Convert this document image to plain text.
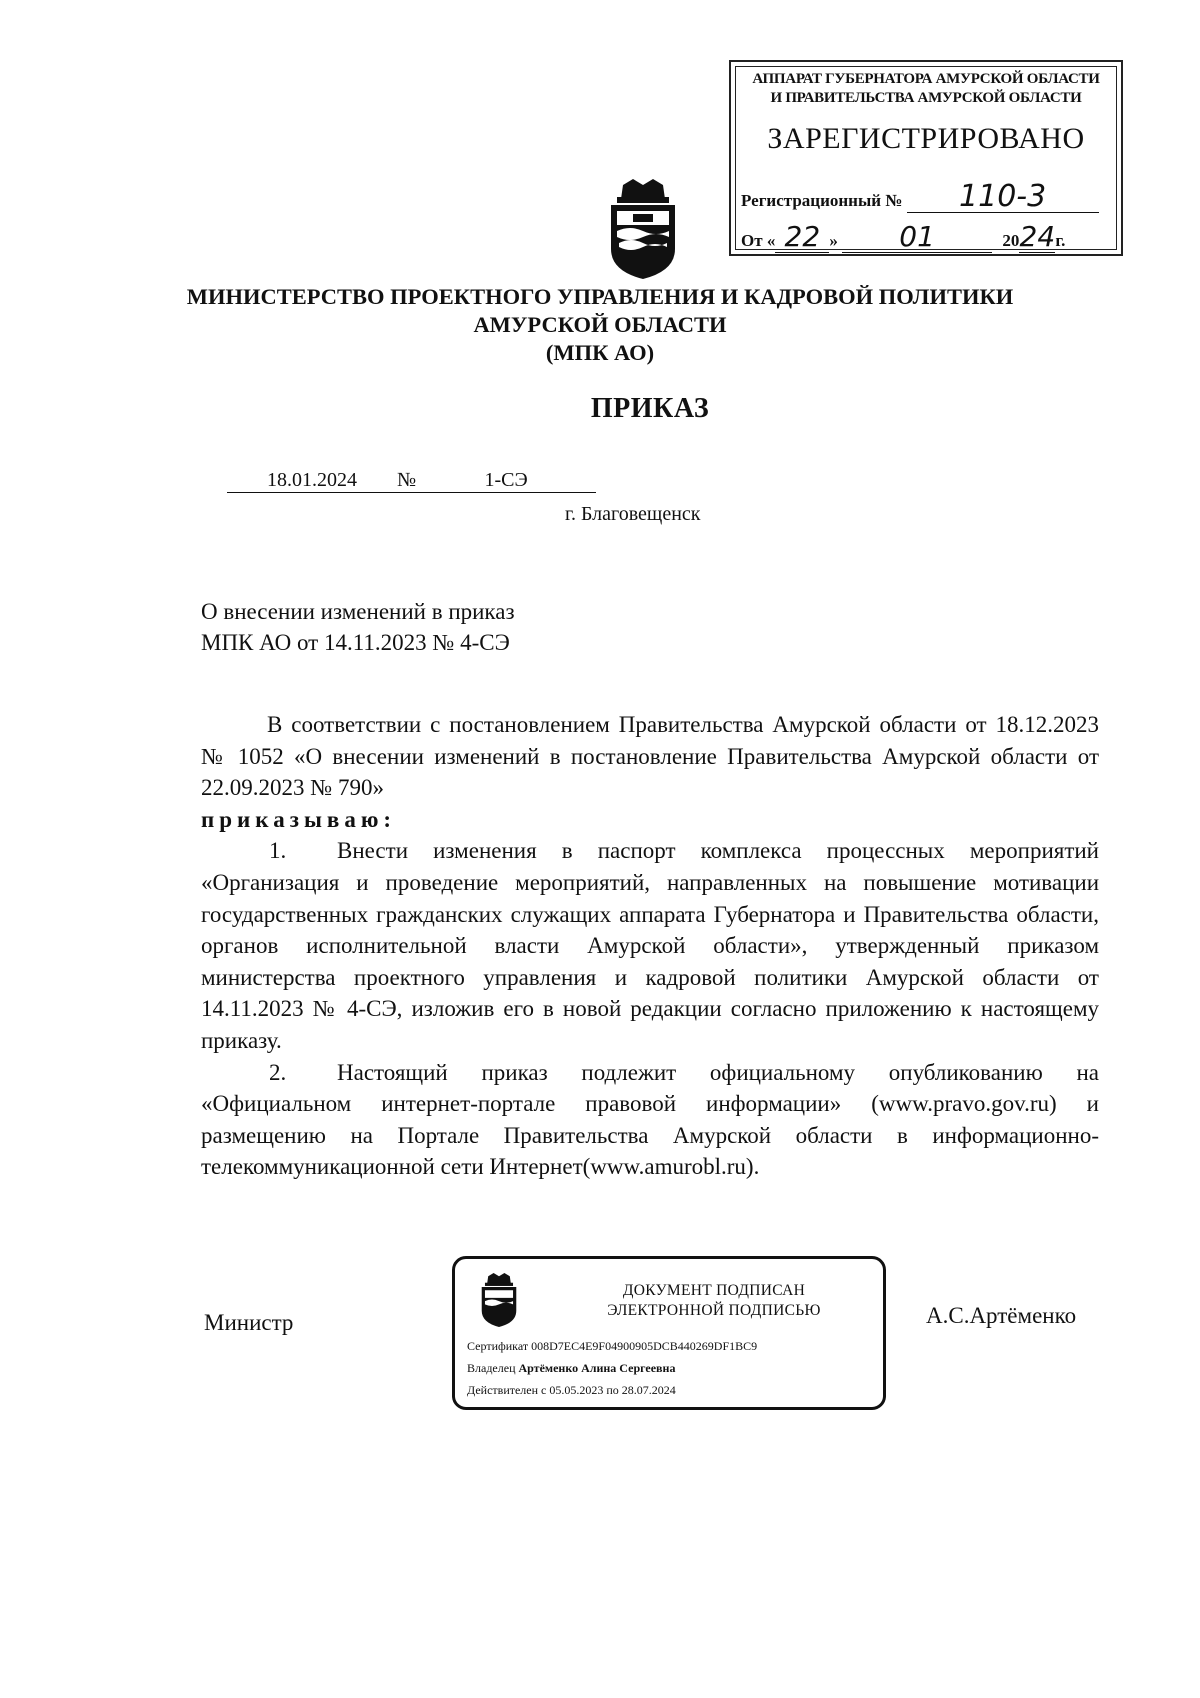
АППАРАТ ГУБЕРНАТОРА АМУРСКОЙ ОБЛАСТИ
И ПРАВИТЕЛЬСТВА АМУРСКОЙ ОБЛАСТИ
ЗАРЕГИСТРИРОВАНО
Регистрационный № 110-3
От « 22 » 01	2024г.
МИНИСТЕРСТВО ПРОЕКТНОГО УПРАВЛЕНИЯ И КАДРОВОЙ ПОЛИТИКИ
АМУРСКОЙ ОБЛАСТИ
(МПК АО)
ПРИКАЗ
18.01.2024 №	1-СЭ
г. Благовещенск
О внесении изменений в приказ
МПК АО от 14.11.2023 № 4-СЭ

В соответствии с постановлением Правительства Амурской области от 18.12.2023 № 1052 «О внесении изменений в постановление Правительства Амурской области от 22.09.2023 № 790»

приказываю:

1. Внести изменения в паспорт комплекса процессных мероприятий «Организация и проведение мероприятий, направленных на повышение мотивации государственных гражданских служащих аппарата Губернатора и Правительства области, органов исполнительной власти Амурской области», утвержденный приказом министерства проектного управления и кадровой политики Амурской области от 14.11.2023 № 4-СЭ, изложив его в новой редакции согласно приложению к настоящему приказу.

2. Настоящий приказ подлежит официальному опубликованию на «Официальном интернет-портале правовой информации» (www.pravo.gov.ru) и размещению на Портале Правительства Амурской области в информационно-телекоммуникационной сети Интернет(www.amurobl.ru).

Министр
ДОКУМЕНТ ПОДПИСАН
ЭЛЕКТРОННОЙ ПОДПИСЬЮ
Сертификат 008D7EC4E9F04900905DCB440269DF1BC9
Владелец Артёменко Алина Сергеевна
Действителен с 05.05.2023 по 28.07.2024
А.С.Артёменко
